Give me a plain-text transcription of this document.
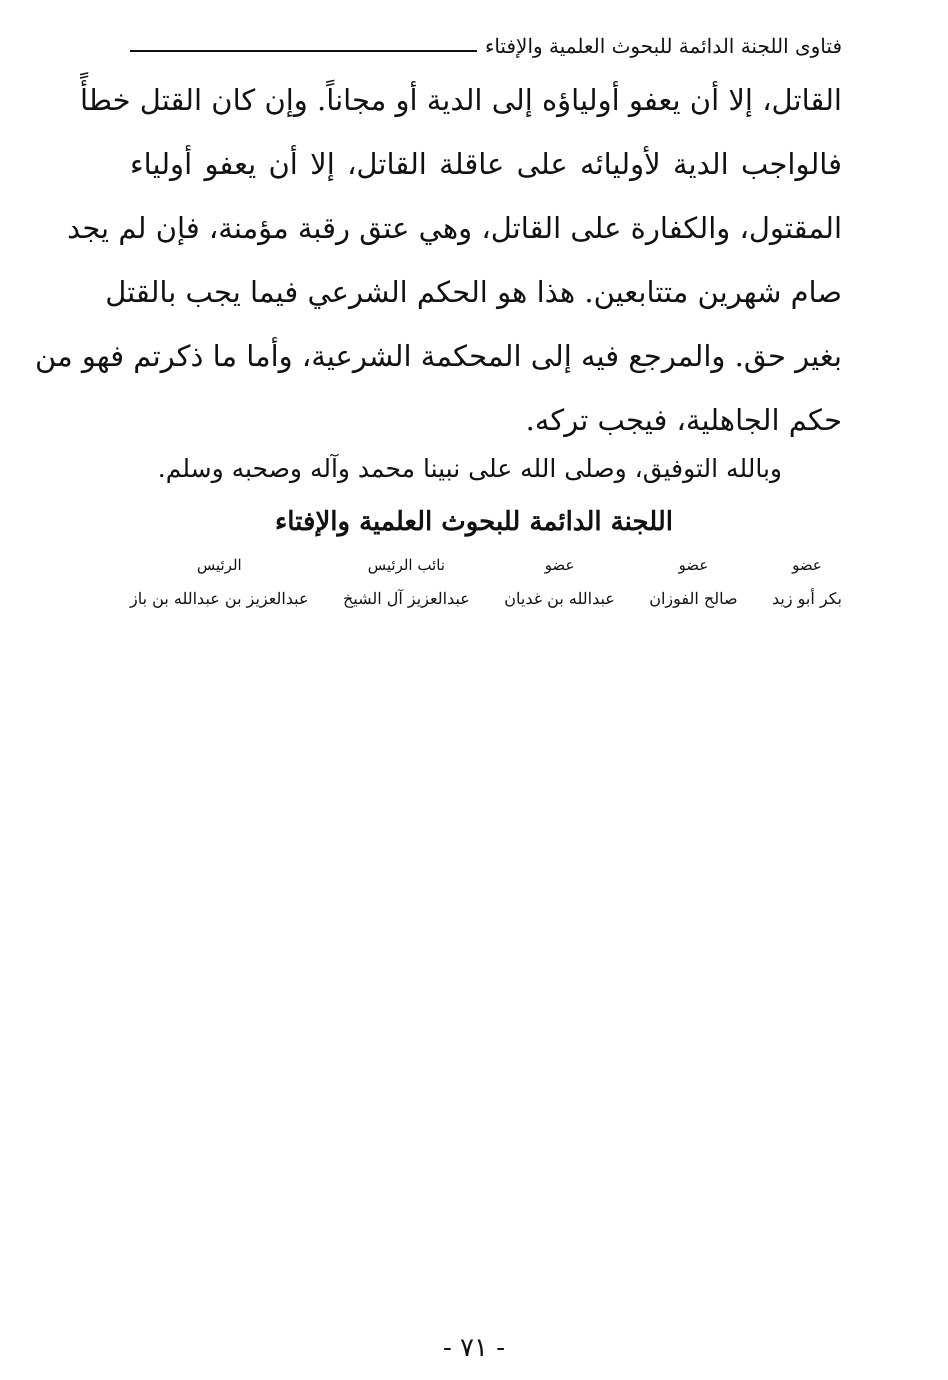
فتاوى اللجنة الدائمة للبحوث العلمية والإفتاء
القاتل، إلا أن يعفو أولياؤه إلى الدية أو مجاناً. وإن كان القتل خطأً
فالواجب الدية لأوليائه على عاقلة القاتل، إلا أن يعفو أولياء
المقتول، والكفارة على القاتل، وهي عتق رقبة مؤمنة، فإن لم يجد
صام شهرين متتابعين. هذا هو الحكم الشرعي فيما يجب بالقتل
بغير حق. والمرجع فيه إلى المحكمة الشرعية، وأما ما ذكرتم فهو من
حكم الجاهلية، فيجب تركه.
وبالله التوفيق، وصلى الله على نبينا محمد وآله وصحبه وسلم.
اللجنة الدائمة للبحوث العلمية والإفتاء
عضو
بكر أبو زيد
عضو
صالح الفوزان
عضو
عبدالله بن غديان
نائب الرئيس
عبدالعزيز آل الشيخ
الرئيس
عبدالعزيز بن عبدالله بن باز
- ٧١ -
